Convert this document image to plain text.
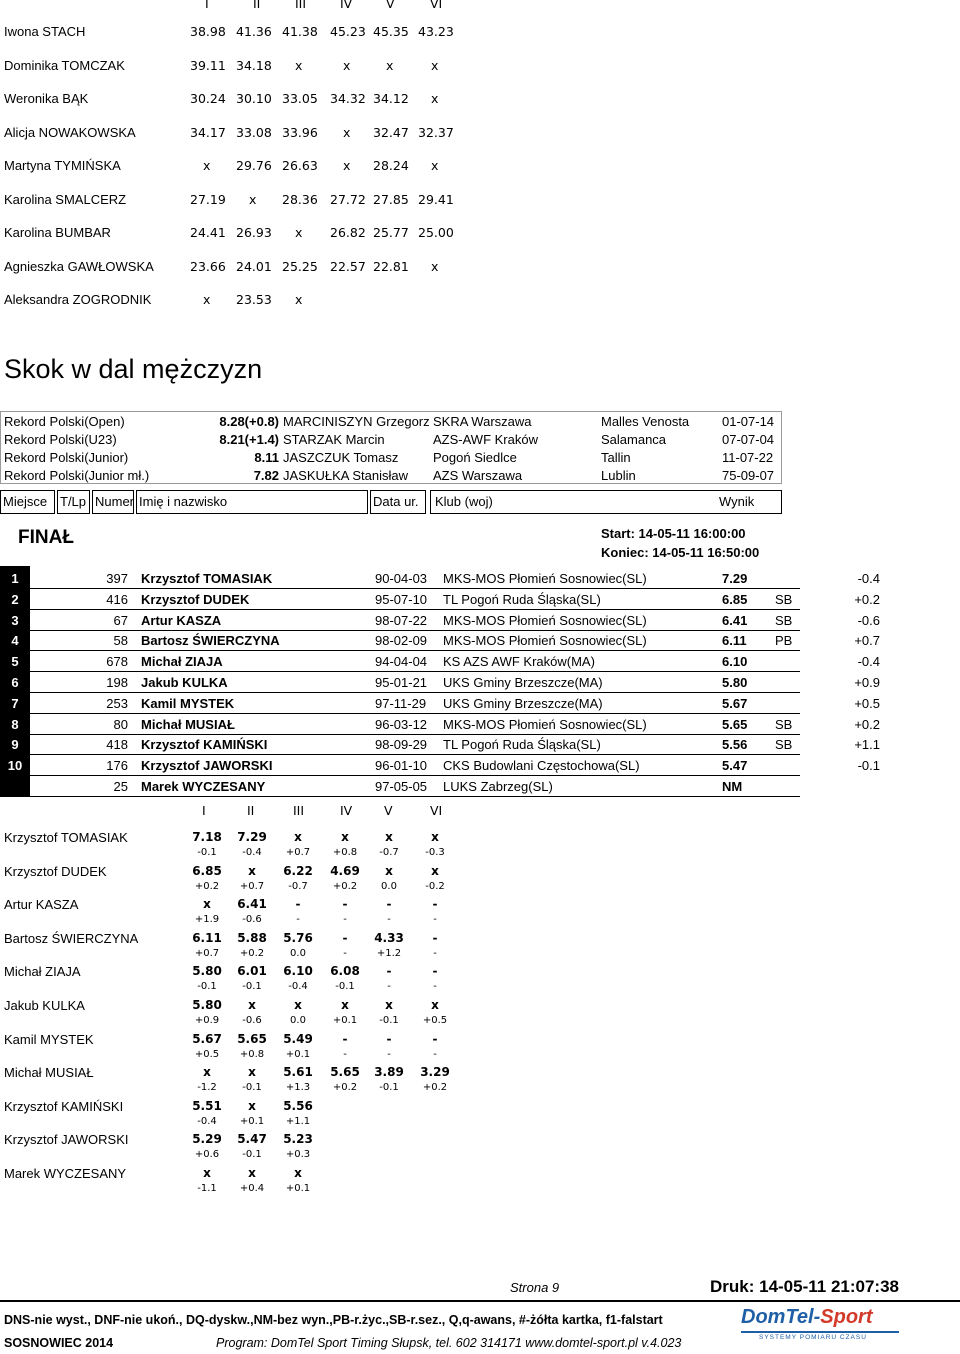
I	II	III	IV	V	VI
Iwona STACH	38.98 41.36 41.38 45.23 45.35 43.23
Dominika TOMCZAK	39.11 34.18 x	x	x	x
Weronika BĄK	30.24 30.10 33.05 34.32 34.12 x
Alicja NOWAKOWSKA	34.17 33.08 33.96 x 32.47 32.37
Martyna TYMIŃSKA	x 29.76 26.63 x 28.24 x
Karolina SMALCERZ	27.19 x 28.36 27.72 27.85 29.41
Karolina BUMBAR	24.41 26.93 x 26.82 25.77 25.00
Agnieszka GAWŁOWSKA	23.66 24.01 25.25 22.57 22.81 x
Aleksandra ZOGRODNIK	x 23.53 x
Skok w dal mężczyzn
Rekord Polski(Open)	8.28(+0.8) MARCINISZYN Grzegorz SKRA Warszawa	Malles Venosta	01-07-14
Rekord Polski(U23)	8.21(+1.4) STARZAK Marcin	AZS-AWF Kraków	Salamanca	07-07-04
Rekord Polski(Junior)	8.11 JASZCZUK Tomasz	Pogoń Siedlce	Tallin	11-07-22
Rekord Polski(Junior mł.)	7.82 JASKUŁKA Stanisław AZS Warszawa	Lublin	75-09-07
Miejsce T/Lp Numer Imię i nazwisko	Data ur.	Klub (woj)	Wynik
FINAŁ	Start: 14-05-11 16:00:00
Koniec: 14-05-11 16:50:00
1	397 Krzysztof TOMASIAK	90-04-03 MKS-MOS Płomień Sosnowiec(SL)	7.29	-0.4
2	416 Krzysztof DUDEK	95-07-10 TL Pogoń Ruda Śląska(SL)	6.85 SB	+0.2
3	67 Artur KASZA	98-07-22 MKS-MOS Płomień Sosnowiec(SL)	6.41 SB	-0.6
4	58 Bartosz ŚWIERCZYNA	98-02-09 MKS-MOS Płomień Sosnowiec(SL)	6.11 PB	+0.7
5	678 Michał ZIAJA	94-04-04 KS AZS AWF Kraków(MA)	6.10	-0.4
6	198 Jakub KULKA	95-01-21 UKS Gminy Brzeszcze(MA)	5.80	+0.9
7	253 Kamil MYSTEK	97-11-29 UKS Gminy Brzeszcze(MA)	5.67	+0.5
8	80 Michał MUSIAŁ	96-03-12 MKS-MOS Płomień Sosnowiec(SL)	5.65 SB	+0.2
9	418 Krzysztof KAMIŃSKI	98-09-29 TL Pogoń Ruda Śląska(SL)	5.56 SB	+1.1
10	176 Krzysztof JAWORSKI	96-01-10 CKS Budowlani Częstochowa(SL)	5.47	-0.1
25 Marek WYCZESANY	97-05-05 LUKS Zabrzeg(SL)	NM
I	II	III	IV	V	VI
Krzysztof TOMASIAK	7.18	7.29	x	x	x	x
-0.1	-0.4	+0.7	+0.8	-0.7	-0.3
Krzysztof DUDEK	6.85	x	6.22	4.69	x	x
+0.2	+0.7	-0.7	+0.2	0.0	-0.2
Artur KASZA	x	6.41	-	-	-	-
+1.9	-0.6	-	-	-	-
Bartosz ŚWIERCZYNA	6.11	5.88	5.76	-	4.33	-
+0.7	+0.2	0.0	-	+1.2	-
Michał ZIAJA	5.80	6.01	6.10	6.08	-	-
-0.1	-0.1	-0.4	-0.1	-	-
Jakub KULKA	5.80	x	x	x	x	x
+0.9	-0.6	0.0	+0.1	-0.1	+0.5
Kamil MYSTEK	5.67	5.65	5.49	-	-	-
+0.5	+0.8	+0.1	-	-	-
Michał MUSIAŁ	x	x	5.61	5.65	3.89	3.29
-1.2	-0.1	+1.3	+0.2	-0.1	+0.2
Krzysztof KAMIŃSKI	5.51	x	5.56
-0.4	+0.1	+1.1
Krzysztof JAWORSKI	5.29	5.47	5.23
+0.6	-0.1	+0.3
Marek WYCZESANY	x	x	x
-1.1	+0.4	+0.1
Strona 9	Druk: 14-05-11 21:07:38
DNS-nie wyst., DNF-nie ukoń., DQ-dyskw.,NM-bez wyn.,PB-r.życ.,SB-r.sez., Q,q-awans, #-żółta kartka, f1-falstart
SOSNOWIEC 2014	Program: DomTel Sport Timing Słupsk, tel. 602 314171 www.domtel-sport.pl v.4.023
DomTel-Sport
SYSTEMY POMIARU CZASU
